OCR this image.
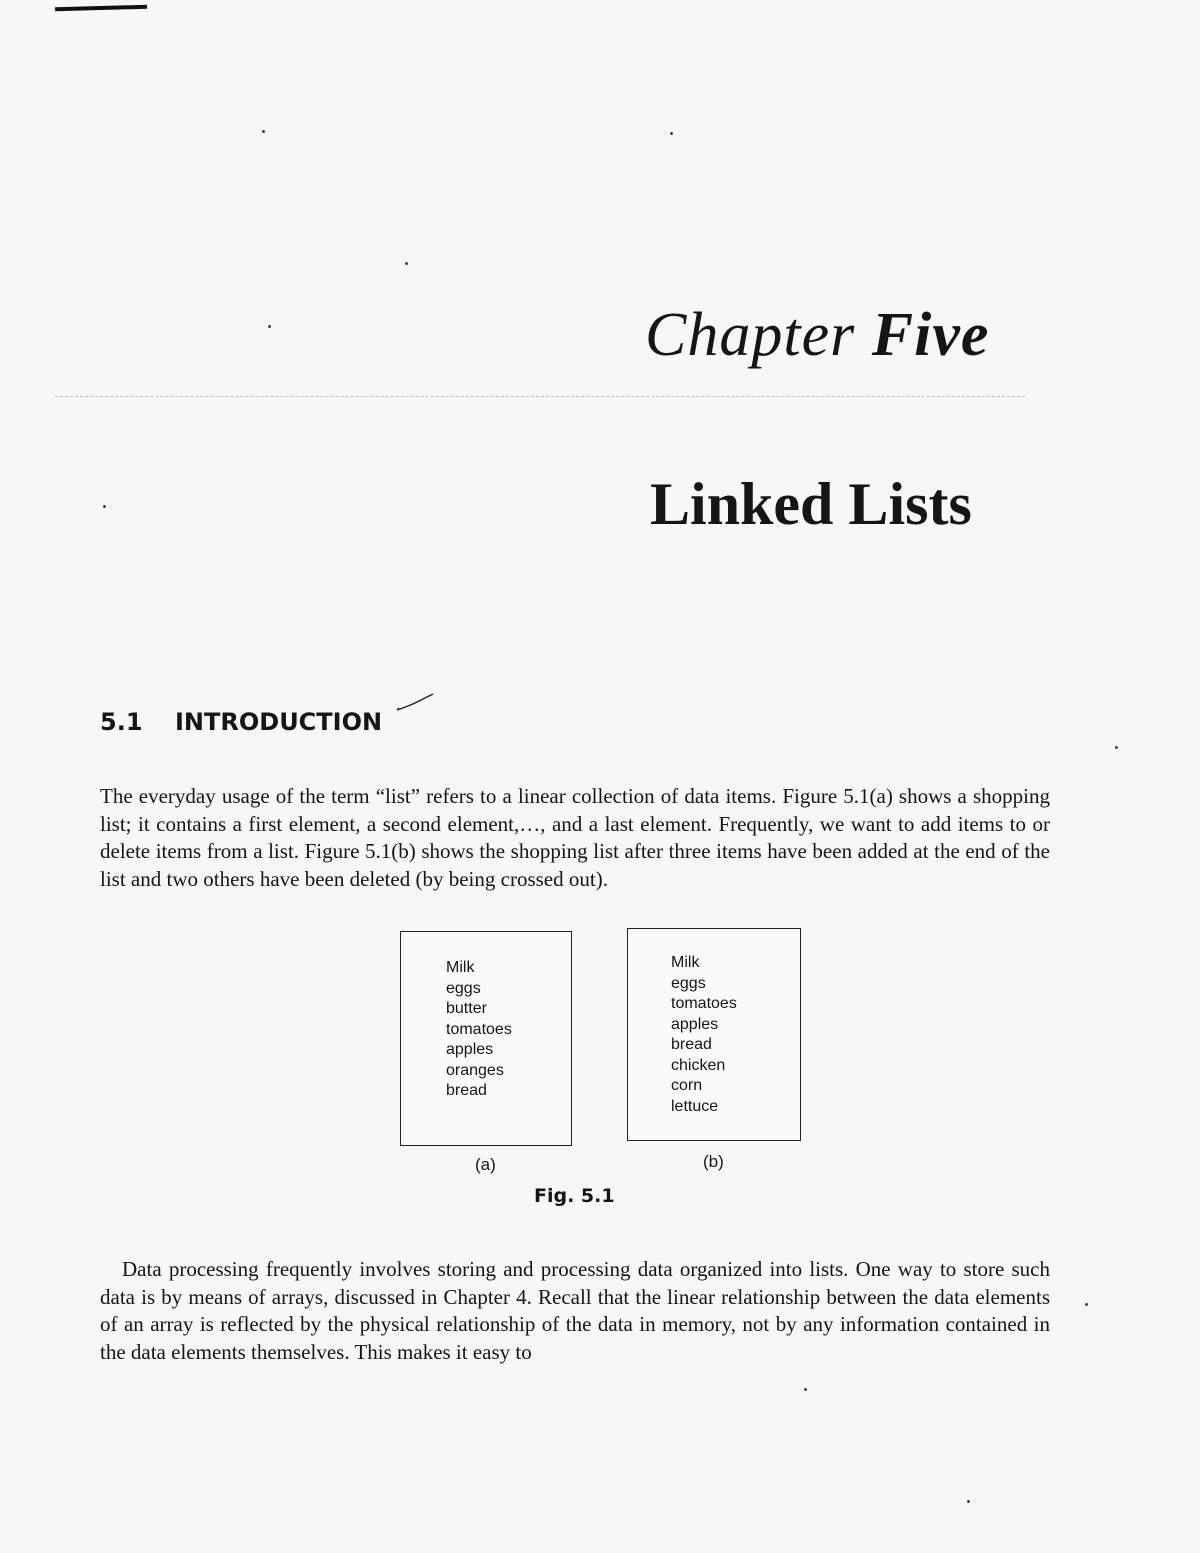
Chapter Five
Linked Lists
5.1 INTRODUCTION

The everyday usage of the term “list” refers to a linear collection of data items. Figure 5.1(a) shows a shopping list; it contains a first element, a second element,…, and a last element. Frequently, we want to add items to or delete items from a list. Figure 5.1(b) shows the shopping list after three items have been added at the end of the list and two others have been deleted (by being crossed out).

Milk
eggs
butter
tomatoes
apples
oranges
bread
Milk
eggs
tomatoes
apples
bread
chicken
corn
lettuce
(a)	(b)
Fig. 5.1

Data processing frequently involves storing and processing data organized into lists. One way to store such data is by means of arrays, discussed in Chapter 4. Recall that the linear relationship between the data elements of an array is reflected by the physical relationship of the data in memory, not by any information contained in the data elements themselves. This makes it easy to
